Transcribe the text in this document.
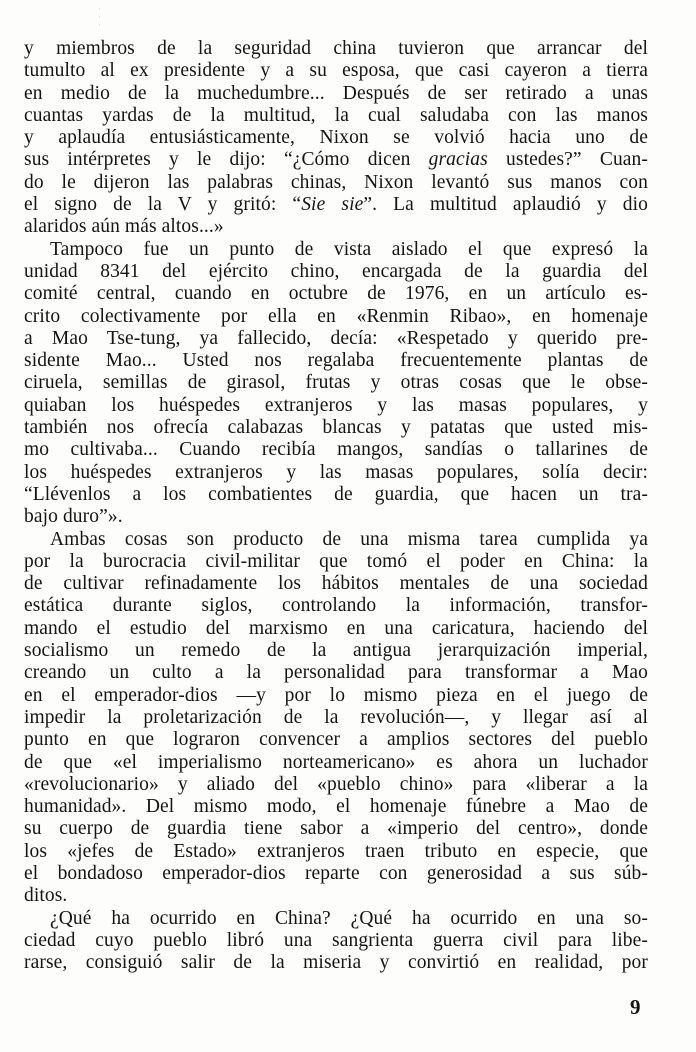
·
·
·
y miembros de la seguridad china tuvieron que arrancar del
tumulto al ex presidente y a su esposa, que casi cayeron a tierra
en medio de la muchedumbre... Después de ser retirado a unas
cuantas yardas de la multitud, la cual saludaba con las manos
y aplaudía entusiásticamente, Nixon se volvió hacia uno de
sus intérpretes y le dijo: “¿Cómo dicen gracias ustedes?” Cuan-
do le dijeron las palabras chinas, Nixon levantó sus manos con
el signo de la V y gritó: “Sie sie”. La multitud aplaudió y dio
alaridos aún más altos...»
Tampoco fue un punto de vista aislado el que expresó la
unidad 8341 del ejército chino, encargada de la guardia del
comité central, cuando en octubre de 1976, en un artículo es-
crito colectivamente por ella en «Renmin Ribao», en homenaje
a Mao Tse-tung, ya fallecido, decía: «Respetado y querido pre-
sidente Mao... Usted nos regalaba frecuentemente plantas de
ciruela, semillas de girasol, frutas y otras cosas que le obse-
quiaban los huéspedes extranjeros y las masas populares, y
también nos ofrecía calabazas blancas y patatas que usted mis-
mo cultivaba... Cuando recibía mangos, sandías o tallarines de
los huéspedes extranjeros y las masas populares, solía decir:
“Llévenlos a los combatientes de guardia, que hacen un tra-
bajo duro”».
Ambas cosas son producto de una misma tarea cumplida ya
por la burocracia civil-militar que tomó el poder en China: la
de cultivar refinadamente los hábitos mentales de una sociedad
estática durante siglos, controlando la información, transfor-
mando el estudio del marxismo en una caricatura, haciendo del
socialismo un remedo de la antigua jerarquización imperial,
creando un culto a la personalidad para transformar a Mao
en el emperador-dios —y por lo mismo pieza en el juego de
impedir la proletarización de la revolución—, y llegar así al
punto en que lograron convencer a amplios sectores del pueblo
de que «el imperialismo norteamericano» es ahora un luchador
«revolucionario» y aliado del «pueblo chino» para «liberar a la
humanidad». Del mismo modo, el homenaje fúnebre a Mao de
su cuerpo de guardia tiene sabor a «imperio del centro», donde
los «jefes de Estado» extranjeros traen tributo en especie, que
el bondadoso emperador-dios reparte con generosidad a sus súb-
ditos.
¿Qué ha ocurrido en China? ¿Qué ha ocurrido en una so-
ciedad cuyo pueblo libró una sangrienta guerra civil para libe-
rarse, consiguió salir de la miseria y convirtió en realidad, por
9
